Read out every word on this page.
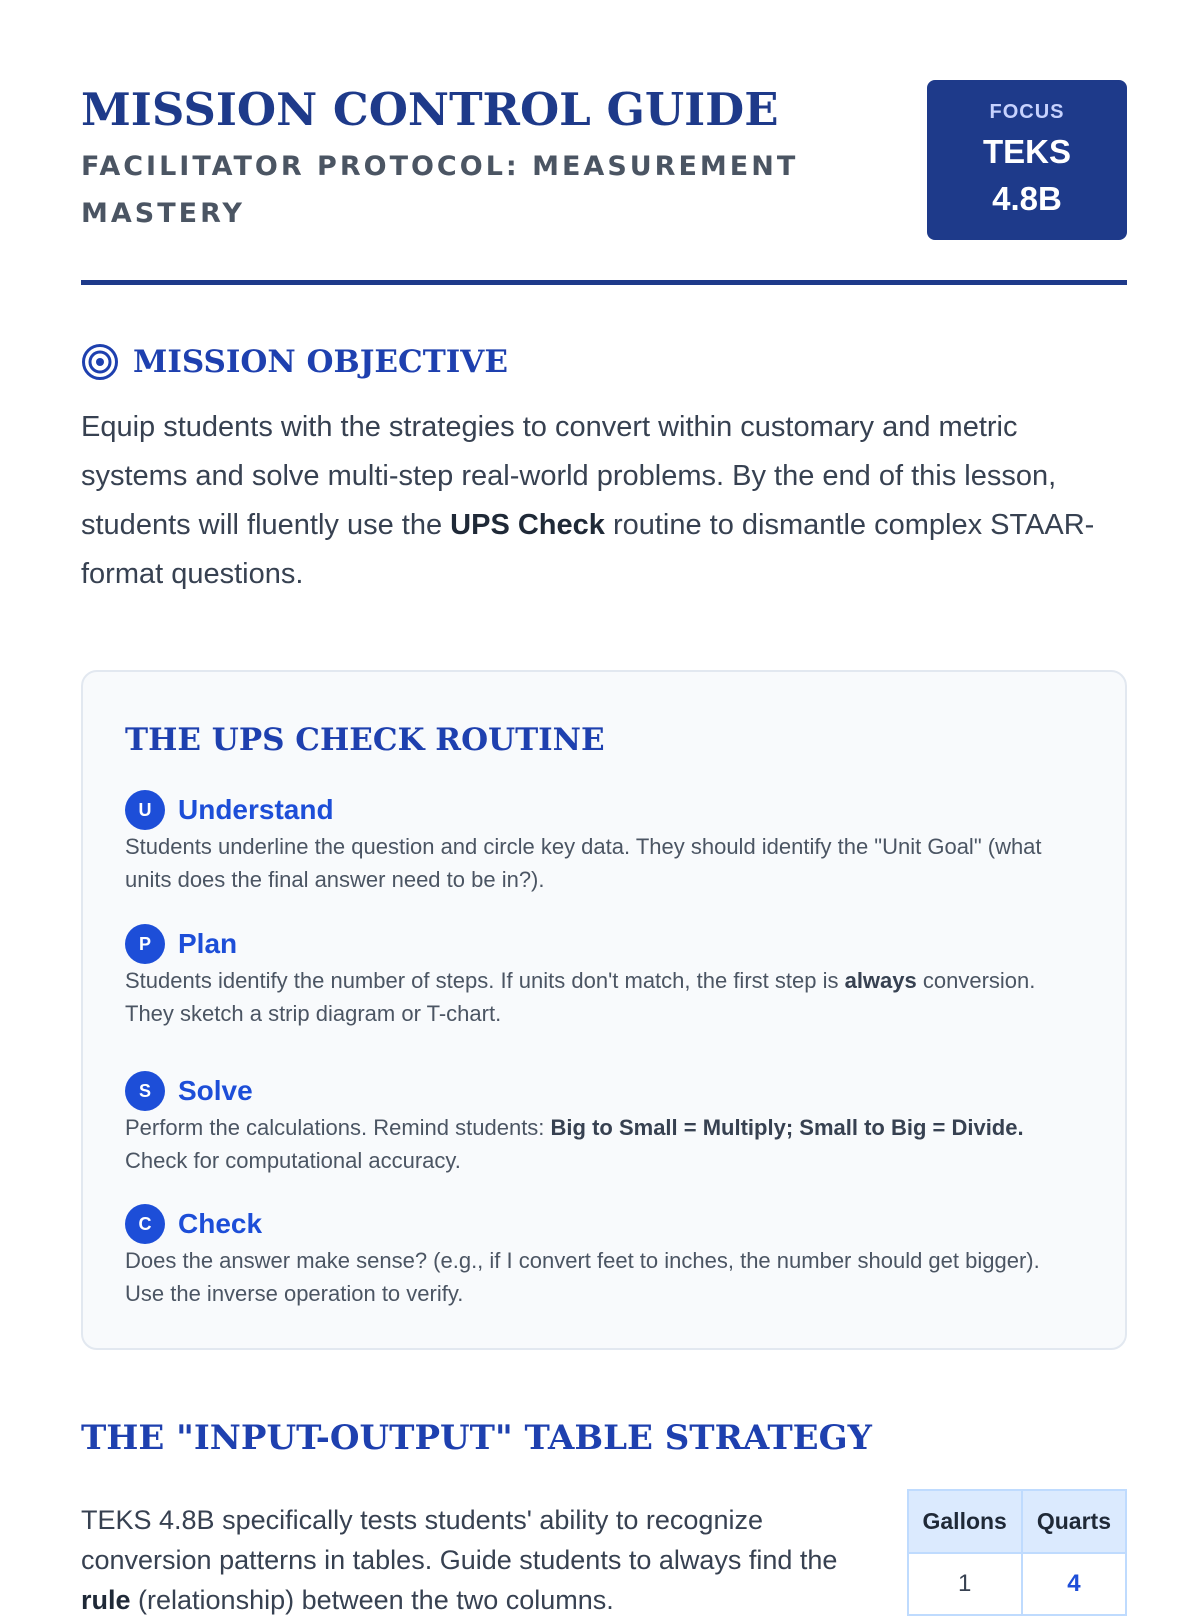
MISSION CONTROL GUIDE
FACILITATOR PROTOCOL: MEASUREMENT MASTERY
FOCUS
TEKS 4.8B
MISSION OBJECTIVE
Equip students with the strategies to convert within customary and metric systems and solve multi-step real-world problems. By the end of this lesson, students will fluently use the UPS Check routine to dismantle complex STAAR-format questions.
THE UPS CHECK ROUTINE
U Understand
Students underline the question and circle key data. They should identify the "Unit Goal" (what units does the final answer need to be in?).
P Plan
Students identify the number of steps. If units don't match, the first step is always conversion. They sketch a strip diagram or T-chart.
S Solve
Perform the calculations. Remind students: Big to Small = Multiply; Small to Big = Divide. Check for computational accuracy.
C Check
Does the answer make sense? (e.g., if I convert feet to inches, the number should get bigger). Use the inverse operation to verify.
THE "INPUT-OUTPUT" TABLE STRATEGY
TEKS 4.8B specifically tests students' ability to recognize conversion patterns in tables. Guide students to always find the rule (relationship) between the two columns.
Gallons	Quarts
1	4
